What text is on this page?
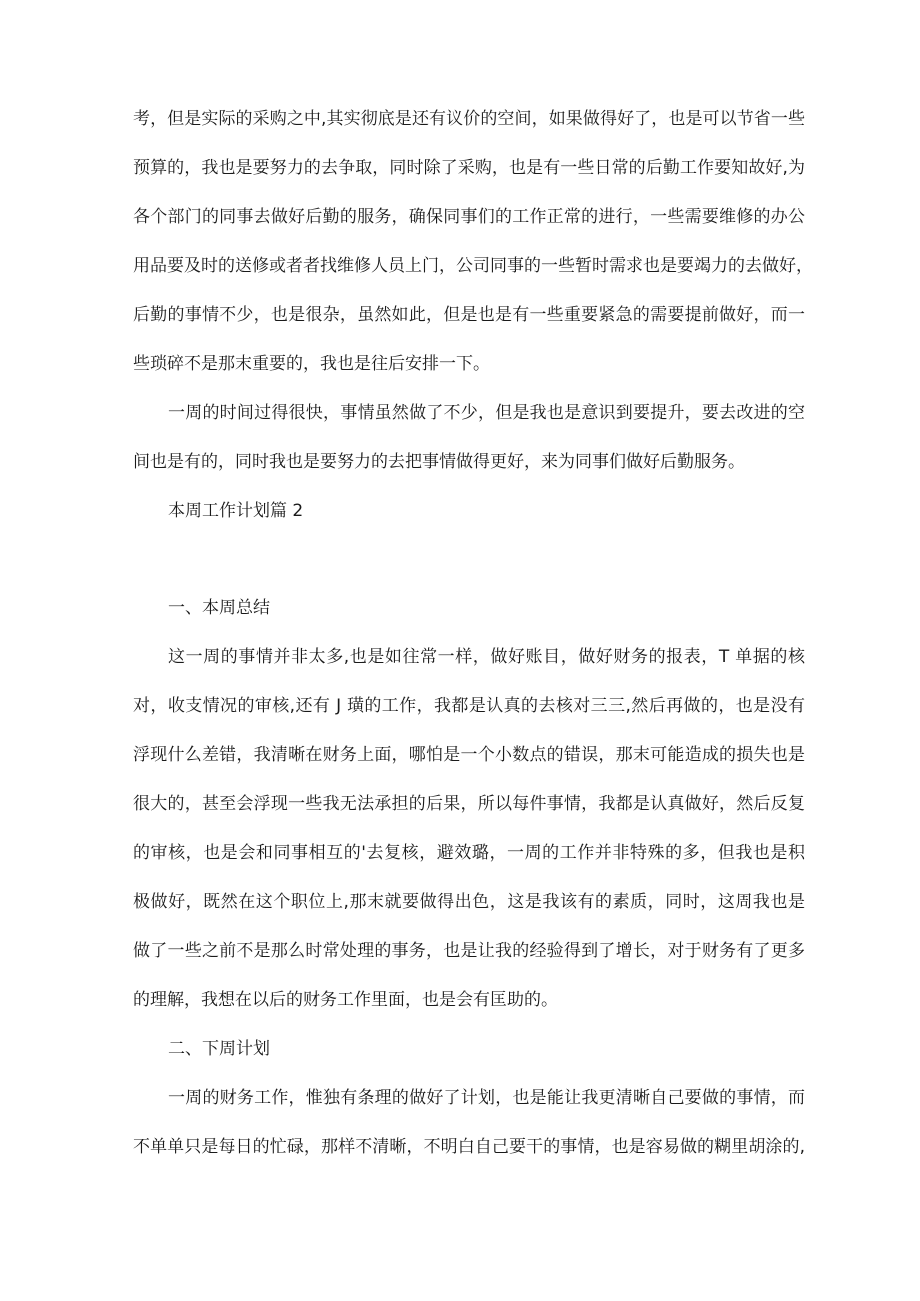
考，但是实际的采购之中,其实彻底是还有议价的空间，如果做得好了，也是可以节省一些
预算的，我也是要努力的去争取，同时除了采购，也是有一些日常的后勤工作要知故好,为
各个部门的同事去做好后勤的服务，确保同事们的工作正常的进行，一些需要维修的办公
用品要及时的送修或者者找维修人员上门，公司同事的一些暂时需求也是要竭力的去做好，
后勤的事情不少，也是很杂，虽然如此，但是也是有一些重要紧急的需要提前做好，而一
些琐碎不是那末重要的，我也是往后安排一下。
一周的时间过得很快，事情虽然做了不少，但是我也是意识到要提升，要去改进的空
间也是有的，同时我也是要努力的去把事情做得更好，来为同事们做好后勤服务。
本周工作计划篇 2
一、本周总结
这一周的事情并非太多,也是如往常一样，做好账目，做好财务的报表，T 单据的核
对，收支情况的审核,还有 J 璜的工作，我都是认真的去核对三三,然后再做的，也是没有
浮现什么差错，我清晰在财务上面，哪怕是一个小数点的错误，那末可能造成的损失也是
很大的，甚至会浮现一些我无法承担的后果，所以每件事情，我都是认真做好，然后反复
的审核，也是会和同事相互的'去复核，避效璐，一周的工作并非特殊的多，但我也是积
极做好，既然在这个职位上,那末就要做得出色，这是我该有的素质，同时，这周我也是
做了一些之前不是那么时常处理的事务，也是让我的经验得到了增长，对于财务有了更多
的理解，我想在以后的财务工作里面，也是会有匡助的。
二、下周计划
一周的财务工作，惟独有条理的做好了计划，也是能让我更清晰自己要做的事情，而
不单单只是每日的忙碌，那样不清晰，不明白自己要干的事情，也是容易做的糊里胡涂的,
